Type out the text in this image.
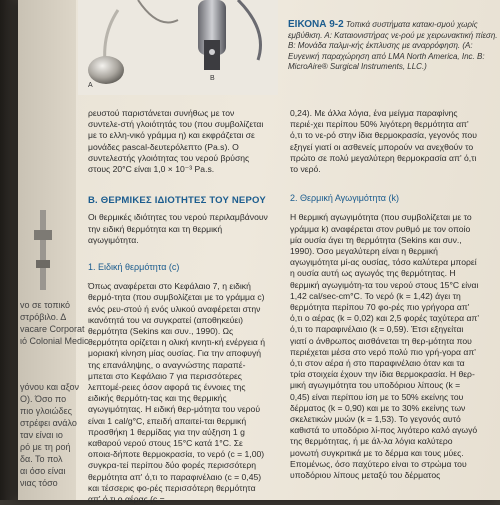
vo σε τοπικό
στρόβιλο. Δ
vacare Corporat
ιό Colonial Medic
γόνου και αξον
Ο). Όσο πο
πιο γλοιώδες
στρέφει ανάλο
ταν είναι ιο
ρό με τη ροή
δα. Το πολ
αι όσο είναι
νιας τόσο
A
B
ΕΙΚΟΝΑ 9-2 Τοπικά συστήματα κατακι-σμού χωρίς εμβύθιση. Α: Καταιονιστήρας νε-ρού με χειρωνακτική πίεση. Β: Μονάδα παλμι-κής έκπλυσης με αναρρόφηση. (Α: Ευγενική παραχώρηση από LMA North America, Inc. Β: MicroAire® Surgical Instruments, LLC.)

ρευστού παριστάνεται συνήθως με τον συντελε-στή γλοιότητάς του (που συμβολίζεται με το ελλη-νικό γράμμα η) και εκφράζεται σε μονάδες pascal-δευτερόλεπτο (Pa.s). Ο συντελεστής γλοιότητας του νερού βρύσης στους 20°C είναι 1,0 × 10⁻³ Pa.s.

Β. ΘΕΡΜΙΚΕΣ ΙΔΙΟΤΗΤΕΣ ΤΟΥ ΝΕΡΟΥ

Οι θερμικές ιδιότητες του νερού περιλαμβάνουν την ειδική θερμότητα και τη θερμική αγωγιμότητα.

1. Ειδική θερμότητα (c)

Όπως αναφέρεται στο Κεφάλαιο 7, η ειδική θερμό-τητα (που συμβολίζεται με το γράμμα c) ενός ρευ-στού ή ενός υλικού αναφέρεται στην ικανότητά του να συγκρατεί (αποθηκεύει) θερμότητα (Sekins και συν., 1990). Ως θερμότητα ορίζεται η ολική κινητι-κή ενέργεια ή μοριακή κίνηση μίας ουσίας. Για την αποφυγή της επανάληψης, ο αναγνώστης παραπέ-μπεται στο Κεφάλαιο 7 για περισσότερες λεπτομέ-ρειες όσον αφορά τις έννοιες της ειδικής θερμότη-τας και της θερμικής αγωγιμότητας. Η ειδική θερ-μότητα του νερού είναι 1 cal/g°C, επειδή απαιτεί-ται θερμική προσθήκη 1 θερμίδας για την αύξηση 1 g καθαρού νερού στους 15°C κατά 1°C. Σε οποια-δήποτε θερμοκρασία, το νερό (c = 1,00) συγκρα-τεί περίπου δύο φορές περισσότερη θερμότητα απ' ό,τι το παραφινέλαιο (c = 0,45) και τέσσερις φο-ρές περισσότερη θερμότητα απ' ό,τι ο αέρας (c =

0,24). Με άλλα λόγια, ένα μείγμα παραφίνης περιέ-χει περίπου 50% λιγότερη θερμότητα απ' ό,τι το νε-ρό στην ίδια θερμοκρασία, γεγονός που εξηγεί γιατί οι ασθενείς μπορούν να ανεχθούν το πρώτο σε πολύ μεγαλύτερη θερμοκρασία απ' ό,τι το νερό.

2. Θερμική Αγωγιμότητα (k)

Η θερμική αγωγιμότητα (που συμβολίζεται με το γράμμα k) αναφέρεται στον ρυθμό με τον οποίο μία ουσία άγει τη θερμότητα (Sekins και συν., 1990). Όσο μεγαλύτερη είναι η θερμική αγωγιμότητα μί-ας ουσίας, τόσο καλύτερα μπορεί η ουσία αυτή ως αγωγός της θερμότητας. Η θερμική αγωγιμότη-τα του νερού στους 15°C είναι 1,42 cal/sec-cm°C. Το νερό (k = 1,42) άγει τη θερμότητα περίπου 70 φο-ρές πιο γρήγορα απ' ό,τι ο αέρας (k = 0,02) και 2,5 φορές ταχύτερα απ' ό,τι το παραφινέλαιο (k = 0,59). Έτσι εξηγείται γιατί ο άνθρωπος αισθάνεται τη θερ-μότητα που περιέχεται μέσα στο νερό πολύ πιο γρή-γορα απ' ό,τι στον αέρα ή στο παραφινέλαιο όταν και τα τρία στοιχεία έχουν την ίδια θερμοκρασία. Η θερ-μική αγωγιμότητα του υποδόριου λίπους (k = 0,45) είναι περίπου ίση με το 50% εκείνης του δέρματος (k = 0,90) και με το 30% εκείνης των σκελετικών μυών (k = 1,53). Το γεγονός αυτό καθιστά το υποδόριο λί-πος λιγότερο καλό αγωγό της θερμότητας, ή με άλ-λα λόγια καλύτερο μονωτή συγκριτικά με το δέρμα και τους μύες. Επομένως, όσο παχύτερο είναι το στρώμα του υποδόριου λίπους μεταξύ του δέρματος
